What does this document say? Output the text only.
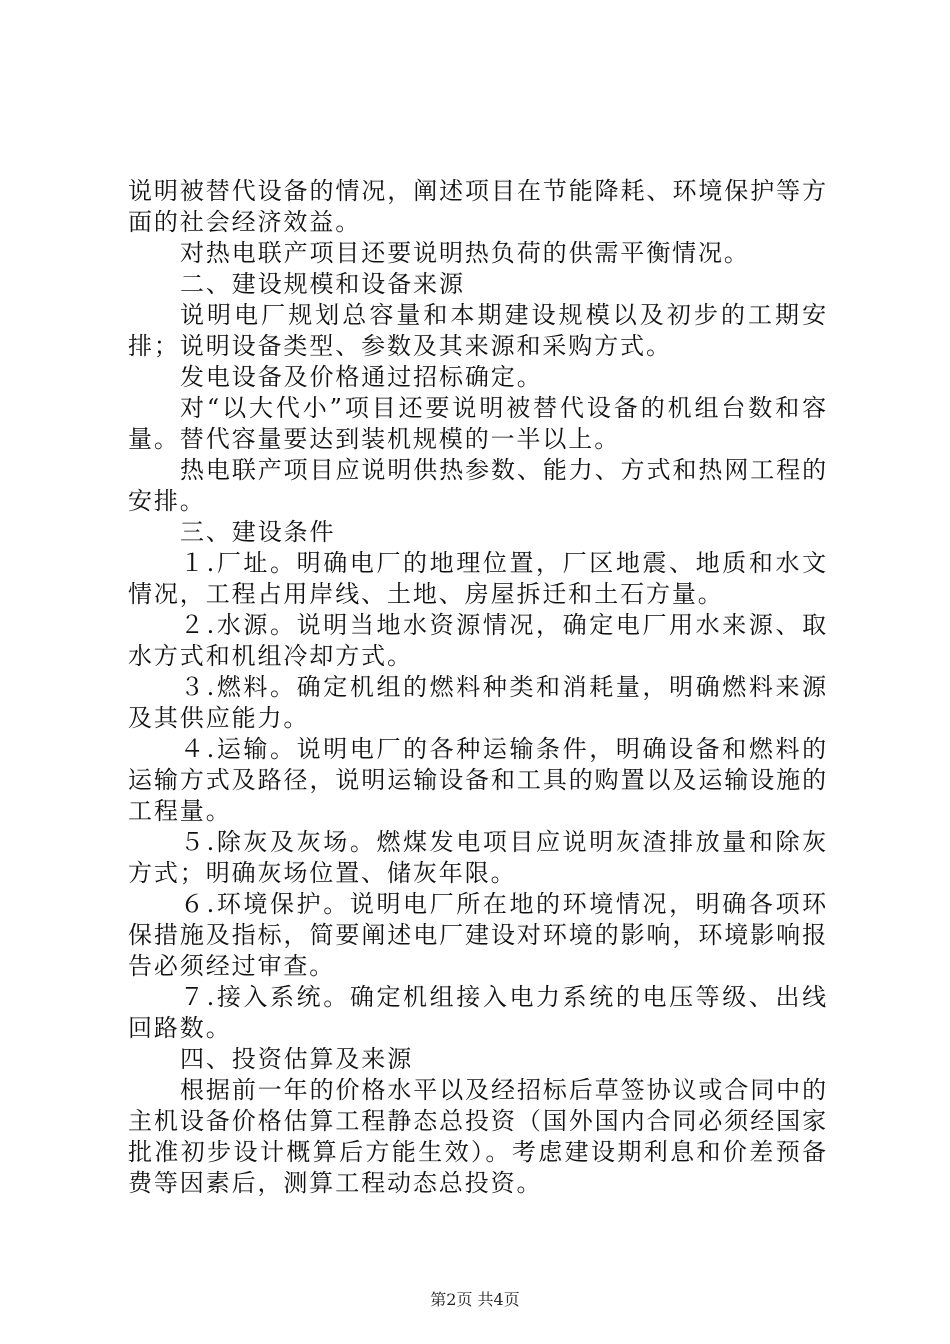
说明被替代设备的情况，阐述项目在节能降耗、环境保护等方面的社会经济效益。

对热电联产项目还要说明热负荷的供需平衡情况。

二、建设规模和设备来源

说明电厂规划总容量和本期建设规模以及初步的工期安排；说明设备类型、参数及其来源和采购方式。

发电设备及价格通过招标确定。

对“以大代小”项目还要说明被替代设备的机组台数和容量。替代容量要达到装机规模的一半以上。

热电联产项目应说明供热参数、能力、方式和热网工程的安排。

三、建设条件

１.厂址。明确电厂的地理位置，厂区地震、地质和水文情况，工程占用岸线、土地、房屋拆迁和土石方量。

２.水源。说明当地水资源情况，确定电厂用水来源、取水方式和机组冷却方式。

３.燃料。确定机组的燃料种类和消耗量，明确燃料来源及其供应能力。

４.运输。说明电厂的各种运输条件，明确设备和燃料的运输方式及路径，说明运输设备和工具的购置以及运输设施的工程量。

５.除灰及灰场。燃煤发电项目应说明灰渣排放量和除灰方式；明确灰场位置、储灰年限。

６.环境保护。说明电厂所在地的环境情况，明确各项环保措施及指标，简要阐述电厂建设对环境的影响，环境影响报告必须经过审查。

７.接入系统。确定机组接入电力系统的电压等级、出线回路数。

四、投资估算及来源

根据前一年的价格水平以及经招标后草签协议或合同中的主机设备价格估算工程静态总投资（国外国内合同必须经国家批准初步设计概算后方能生效）。考虑建设期利息和价差预备费等因素后，测算工程动态总投资。

第2页 共4页
